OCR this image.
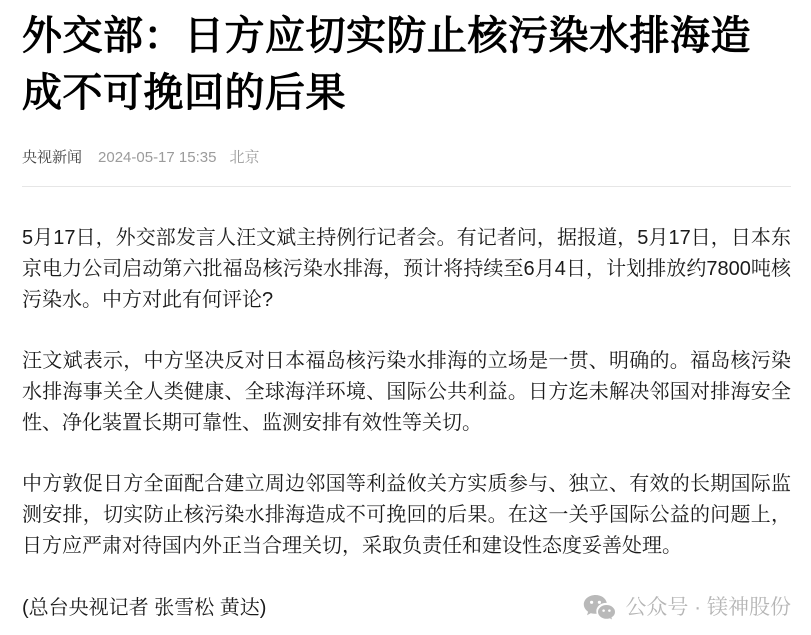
外交部：日方应切实防止核污染水排海造成不可挽回的后果
央视新闻 2024-05-17 15:35 北京

5月17日，外交部发言人汪文斌主持例行记者会。有记者问，据报道，5月17日，日本东京电力公司启动第六批福岛核污染水排海，预计将持续至6月4日，计划排放约7800吨核污染水。中方对此有何评论?

汪文斌表示，中方坚决反对日本福岛核污染水排海的立场是一贯、明确的。福岛核污染水排海事关全人类健康、全球海洋环境、国际公共利益。日方迄未解决邻国对排海安全性、净化装置长期可靠性、监测安排有效性等关切。

中方敦促日方全面配合建立周边邻国等利益攸关方实质参与、独立、有效的长期国际监测安排，切实防止核污染水排海造成不可挽回的后果。在这一关乎国际公益的问题上，日方应严肃对待国内外正当合理关切，采取负责任和建设性态度妥善处理。

(总台央视记者 张雪松 黄达)	公众号 · 镁神股份
